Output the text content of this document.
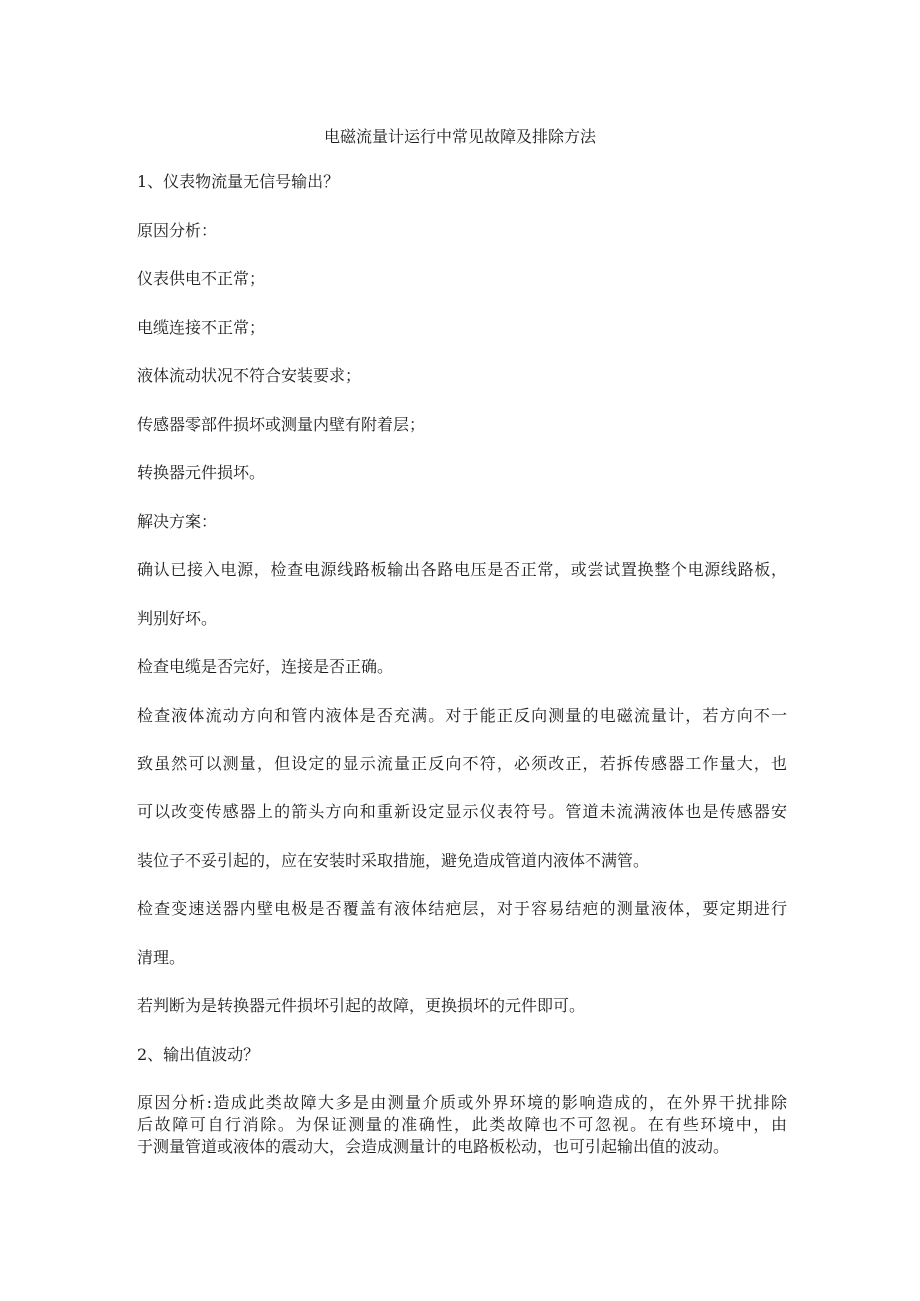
电磁流量计运行中常见故障及排除方法
1、仪表物流量无信号输出？
原因分析：
仪表供电不正常；
电缆连接不正常；
液体流动状况不符合安装要求；
传感器零部件损坏或测量内壁有附着层；
转换器元件损坏。
解决方案：
确认已接入电源，检查电源线路板输出各路电压是否正常，或尝试置换整个电源线路板，
判别好坏。
检查电缆是否完好，连接是否正确。
检查液体流动方向和管内液体是否充满。对于能正反向测量的电磁流量计，若方向不一
致虽然可以测量，但设定的显示流量正反向不符，必须改正，若拆传感器工作量大，也
可以改变传感器上的箭头方向和重新设定显示仪表符号。管道未流满液体也是传感器安
装位子不妥引起的，应在安装时采取措施，避免造成管道内液体不满管。
检查变速送器内壁电极是否覆盖有液体结疤层，对于容易结疤的测量液体，要定期进行
清理。
若判断为是转换器元件损坏引起的故障，更换损坏的元件即可。
2、输出值波动？
原因分析:造成此类故障大多是由测量介质或外界环境的影响造成的，在外界干扰排除
后故障可自行消除。为保证测量的准确性，此类故障也不可忽视。在有些环境中，由
于测量管道或液体的震动大，会造成测量计的电路板松动，也可引起输出值的波动。
